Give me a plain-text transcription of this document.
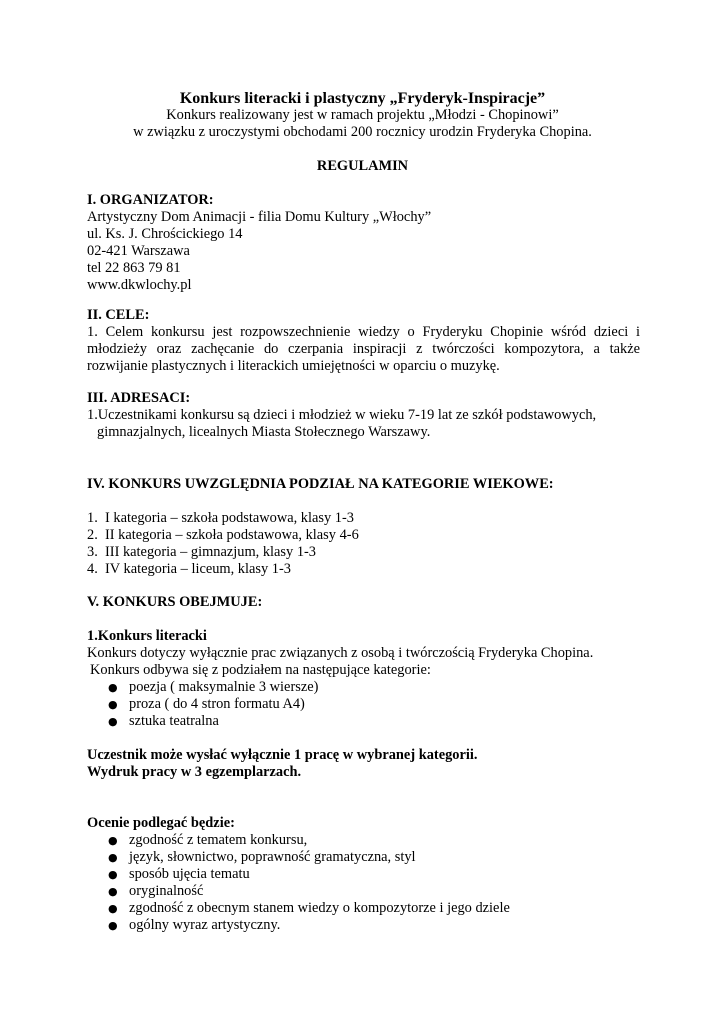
Konkurs literacki i plastyczny „Fryderyk-Inspiracje”
Konkurs realizowany jest w ramach projektu „Młodzi - Chopinowi”
w związku z uroczystymi obchodami 200 rocznicy urodzin Fryderyka Chopina.
REGULAMIN
I. ORGANIZATOR:
Artystyczny Dom Animacji - filia Domu Kultury „Włochy”
ul. Ks. J. Chrościckiego 14
02-421 Warszawa
tel 22 863 79 81
www.dkwlochy.pl
II. CELE:
1. Celem konkursu jest rozpowszechnienie wiedzy o Fryderyku Chopinie wśród dzieci i
młodzieży oraz zachęcanie do czerpania inspiracji z twórczości kompozytora, a także
rozwijanie plastycznych i literackich umiejętności w oparciu o muzykę.
III. ADRESACI:
1.Uczestnikami konkursu są dzieci i młodzież w wieku 7-19 lat ze szkół podstawowych,
gimnazjalnych, licealnych Miasta Stołecznego Warszawy.
IV. KONKURS UWZGLĘDNIA PODZIAŁ NA KATEGORIE WIEKOWE:
1. I kategoria – szkoła podstawowa, klasy 1-3
2. II kategoria – szkoła podstawowa, klasy 4-6
3. III kategoria – gimnazjum, klasy 1-3
4. IV kategoria – liceum, klasy 1-3
V. KONKURS OBEJMUJE:
1.Konkurs literacki
Konkurs dotyczy wyłącznie prac związanych z osobą i twórczością Fryderyka Chopina.
Konkurs odbywa się z podziałem na następujące kategorie:
● poezja ( maksymalnie 3 wiersze)
● proza ( do 4 stron formatu A4)
● sztuka teatralna
Uczestnik może wysłać wyłącznie 1 pracę w wybranej kategorii.
Wydruk pracy w 3 egzemplarzach.
Ocenie podlegać będzie:
● zgodność z tematem konkursu,
● język, słownictwo, poprawność gramatyczna, styl
● sposób ujęcia tematu
● oryginalność
● zgodność z obecnym stanem wiedzy o kompozytorze i jego dziele
● ogólny wyraz artystyczny.
